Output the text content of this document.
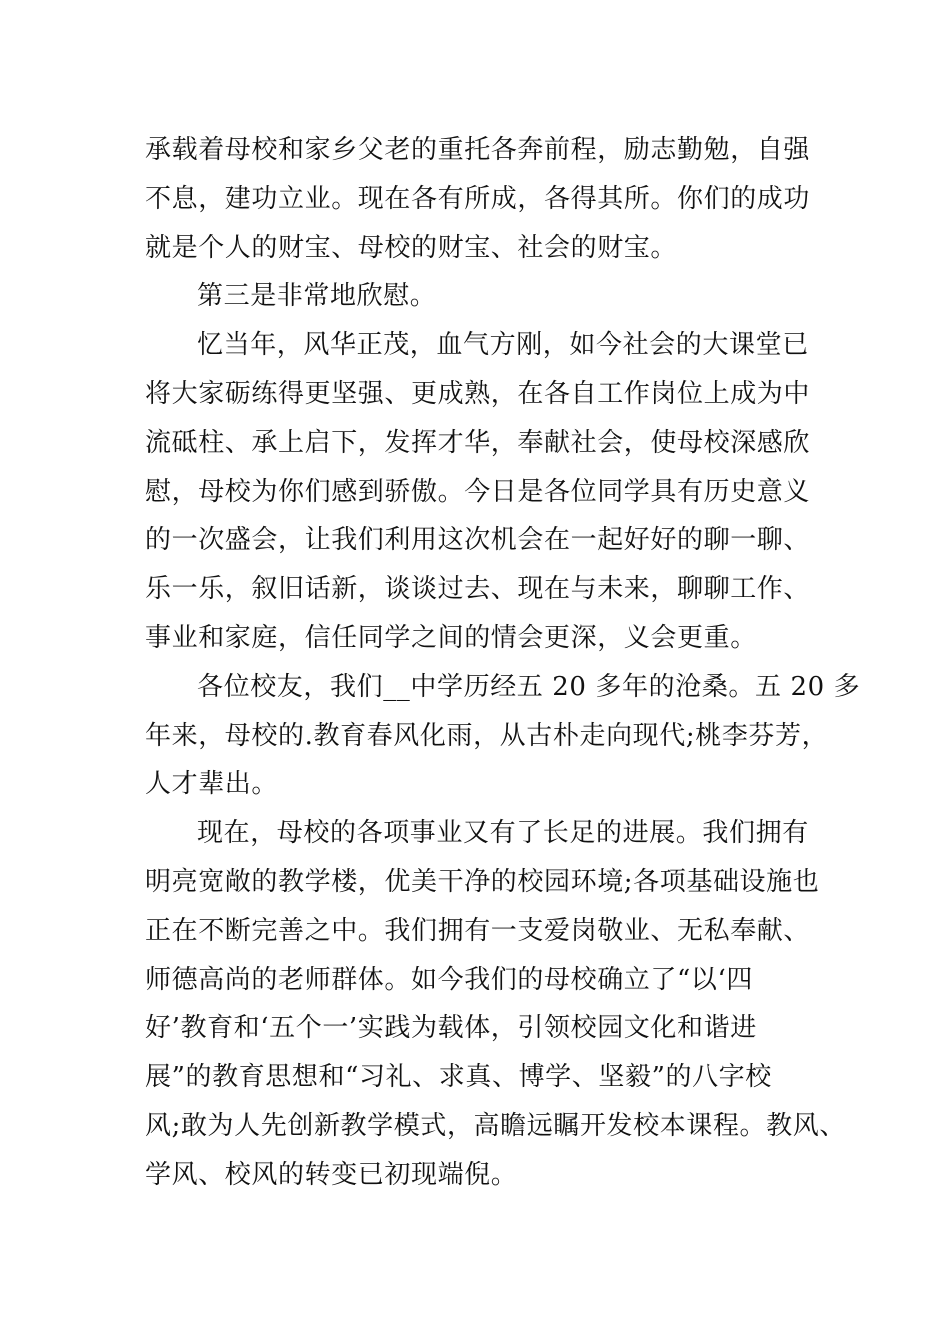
承载着母校和家乡父老的重托各奔前程，励志勤勉，自强
不息，建功立业。现在各有所成，各得其所。你们的成功
就是个人的财宝、母校的财宝、社会的财宝。
第三是非常地欣慰。
忆当年，风华正茂，血气方刚，如今社会的大课堂已
将大家砺练得更坚强、更成熟，在各自工作岗位上成为中
流砥柱、承上启下，发挥才华，奉献社会，使母校深感欣
慰，母校为你们感到骄傲。今日是各位同学具有历史意义
的一次盛会，让我们利用这次机会在一起好好的聊一聊、
乐一乐，叙旧话新，谈谈过去、现在与未来，聊聊工作、
事业和家庭，信任同学之间的情会更深，义会更重。
各位校友，我们__中学历经五 20 多年的沧桑。五 20 多
年来，母校的.教育春风化雨，从古朴走向现代;桃李芬芳，
人才辈出。
现在，母校的各项事业又有了长足的进展。我们拥有
明亮宽敞的教学楼，优美干净的校园环境;各项基础设施也
正在不断完善之中。我们拥有一支爱岗敬业、无私奉献、
师德高尚的老师群体。如今我们的母校确立了“以‘四
好’教育和‘五个一’实践为载体，引领校园文化和谐进
展”的教育思想和“习礼、求真、博学、坚毅”的八字校
风;敢为人先创新教学模式，高瞻远瞩开发校本课程。教风、
学风、校风的转变已初现端倪。
